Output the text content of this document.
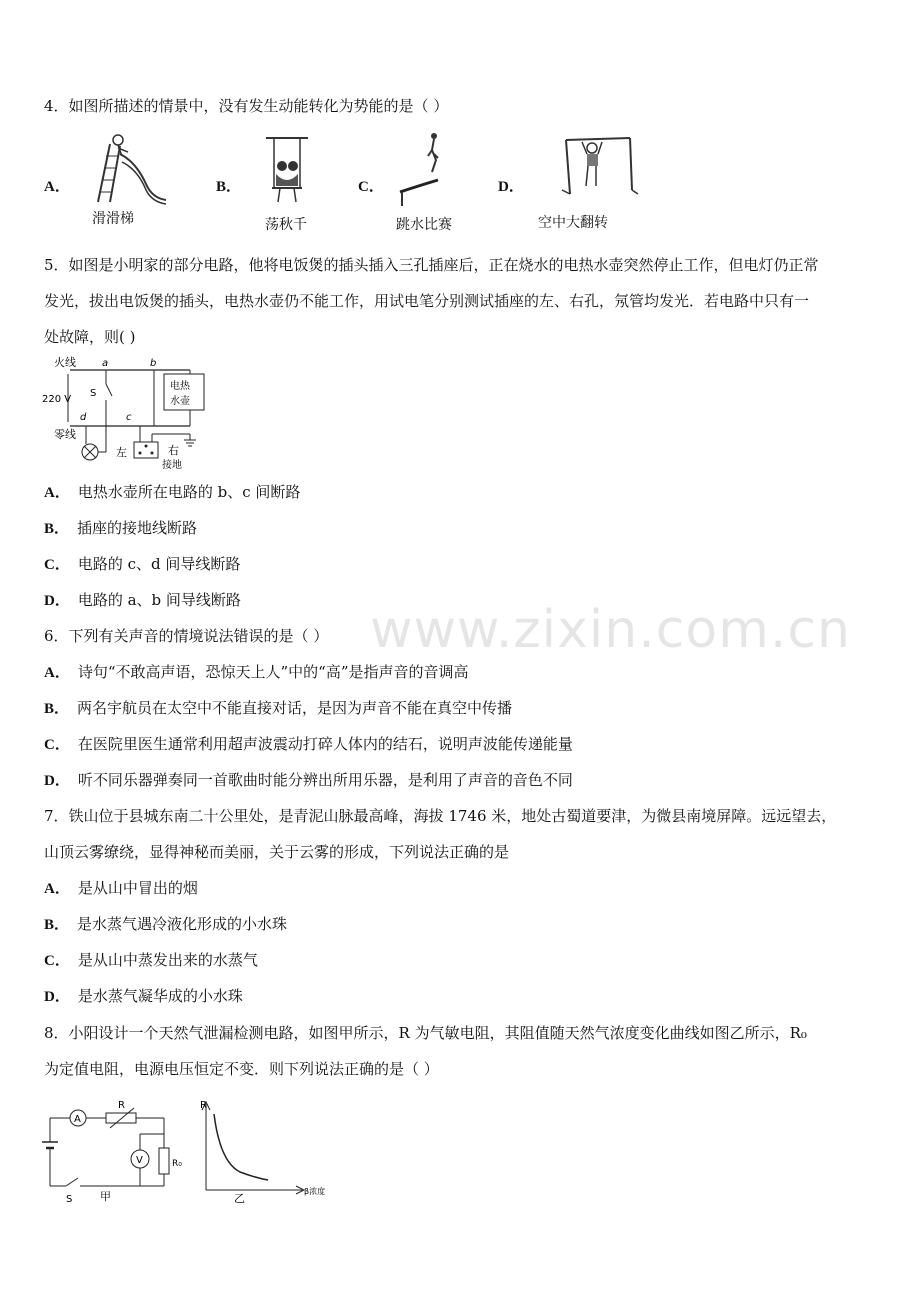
www.zixin.com.cn
4．如图所描述的情景中，没有发生动能转化为势能的是（ ）
A．
滑滑梯
B．
荡秋千
C．
跳水比赛
D．
空中大翻转
5．如图是小明家的部分电路，他将电饭煲的插头插入三孔插座后，正在烧水的电热水壶突然停止工作，但电灯仍正常
发光，拔出电饭煲的插头，电热水壶仍不能工作，用试电笔分别测试插座的左、右孔，氖管均发光．若电路中只有一
处故障，则( )
火线	a	b
220 V
d	c
零线
S
电热
水壶
左	右
接地
A． 电热水壶所在电路的 b、c 间断路
B． 插座的接地线断路
C． 电路的 c、d 间导线断路
D． 电路的 a、b 间导线断路
6．下列有关声音的情境说法错误的是（ ）
A． 诗句“不敢高声语，恐惊天上人”中的“高”是指声音的音调高
B． 两名宇航员在太空中不能直接对话，是因为声音不能在真空中传播
C． 在医院里医生通常利用超声波震动打碎人体内的结石，说明声波能传递能量
D． 听不同乐器弹奏同一首歌曲时能分辨出所用乐器，是利用了声音的音色不同
7．铁山位于县城东南二十公里处，是青泥山脉最高峰，海拔 1746 米，地处古蜀道要津，为微县南境屏障。远远望去，
山顶云雾缭绕，显得神秘而美丽，关于云雾的形成，下列说法正确的是
A． 是从山中冒出的烟
B． 是水蒸气遇冷液化形成的小水珠
C． 是从山中蒸发出来的水蒸气
D． 是水蒸气凝华成的小水珠
8．小阳设计一个天然气泄漏检测电路，如图甲所示，R 为气敏电阻，其阻值随天然气浓度变化曲线如图乙所示，R₀
为定值电阻，电源电压恒定不变．则下列说法正确的是（ ）
A
R
V	R₀
S	甲
R
β浓度
乙
